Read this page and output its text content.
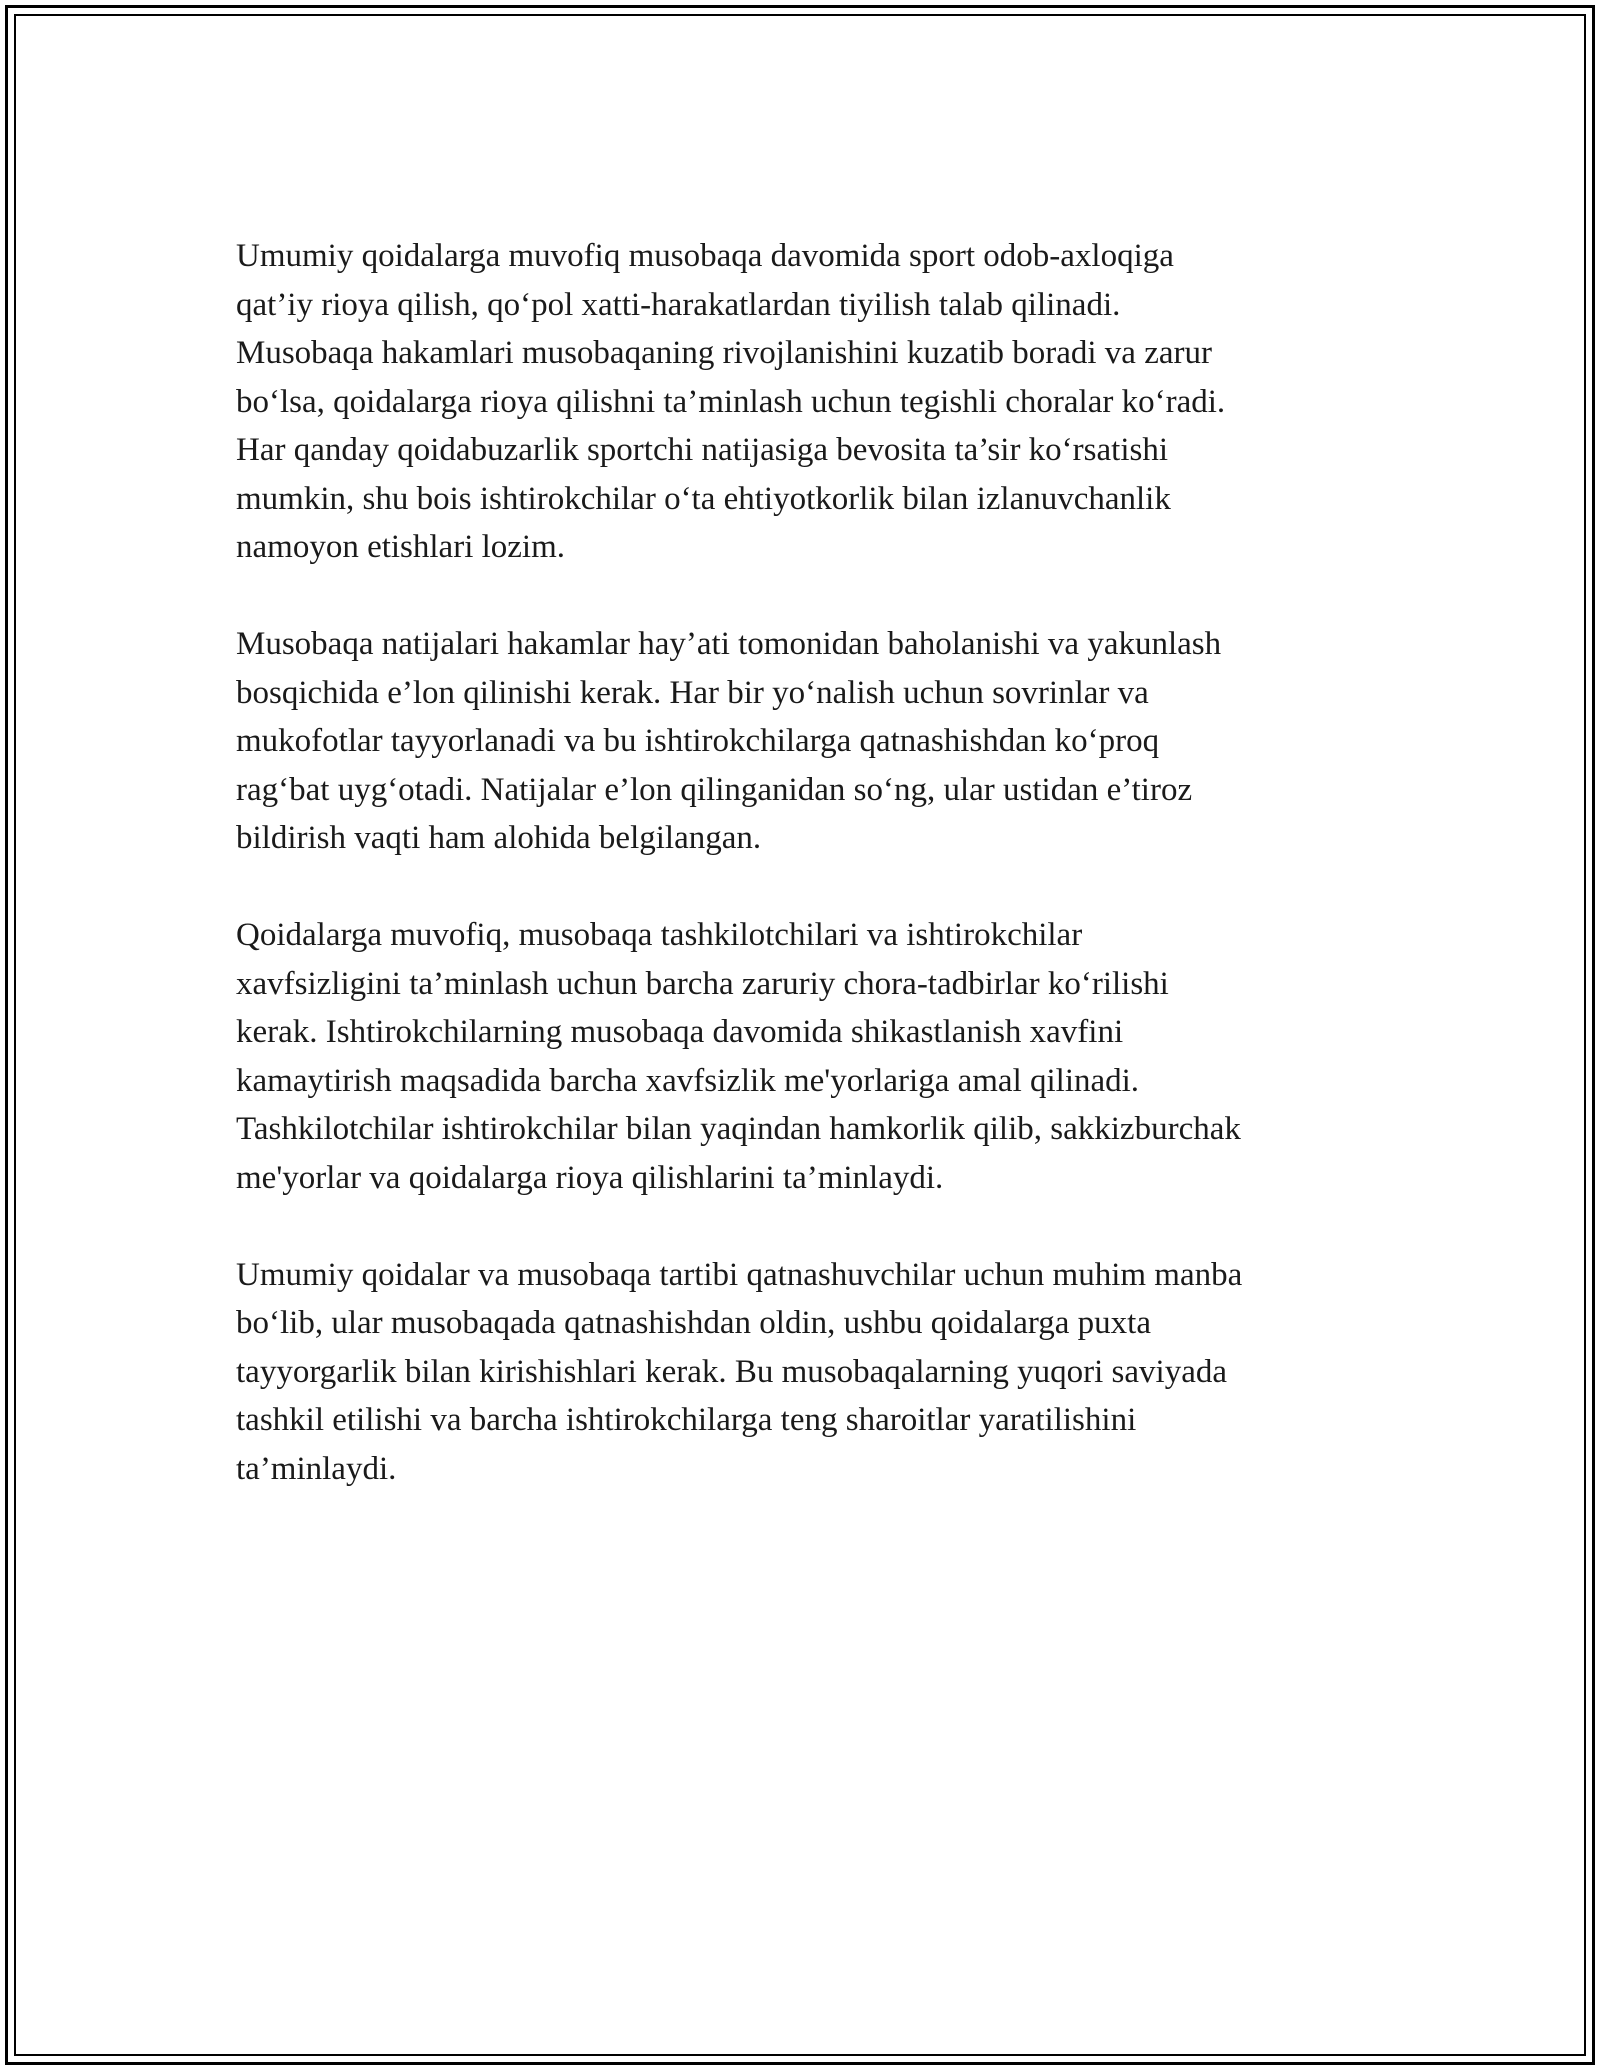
Umumiy qoidalarga muvofiq musobaqa davomida sport odob-axloqiga
qat’iy rioya qilish, qo‘pol xatti-harakatlardan tiyilish talab qilinadi.
Musobaqa hakamlari musobaqaning rivojlanishini kuzatib boradi va zarur
bo‘lsa, qoidalarga rioya qilishni ta’minlash uchun tegishli choralar ko‘radi.
Har qanday qoidabuzarlik sportchi natijasiga bevosita ta’sir ko‘rsatishi
mumkin, shu bois ishtirokchilar o‘ta ehtiyotkorlik bilan izlanuvchanlik
namoyon etishlari lozim.

Musobaqa natijalari hakamlar hay’ati tomonidan baholanishi va yakunlash
bosqichida e’lon qilinishi kerak. Har bir yo‘nalish uchun sovrinlar va
mukofotlar tayyorlanadi va bu ishtirokchilarga qatnashishdan ko‘proq
rag‘bat uyg‘otadi. Natijalar e’lon qilinganidan so‘ng, ular ustidan e’tiroz
bildirish vaqti ham alohida belgilangan.

Qoidalarga muvofiq, musobaqa tashkilotchilari va ishtirokchilar
xavfsizligini ta’minlash uchun barcha zaruriy chora-tadbirlar ko‘rilishi
kerak. Ishtirokchilarning musobaqa davomida shikastlanish xavfini
kamaytirish maqsadida barcha xavfsizlik me'yorlariga amal qilinadi.
Tashkilotchilar ishtirokchilar bilan yaqindan hamkorlik qilib, sakkizburchak
me'yorlar va qoidalarga rioya qilishlarini ta’minlaydi.

Umumiy qoidalar va musobaqa tartibi qatnashuvchilar uchun muhim manba
bo‘lib, ular musobaqada qatnashishdan oldin, ushbu qoidalarga puxta
tayyorgarlik bilan kirishishlari kerak. Bu musobaqalarning yuqori saviyada
tashkil etilishi va barcha ishtirokchilarga teng sharoitlar yaratilishini
ta’minlaydi.
